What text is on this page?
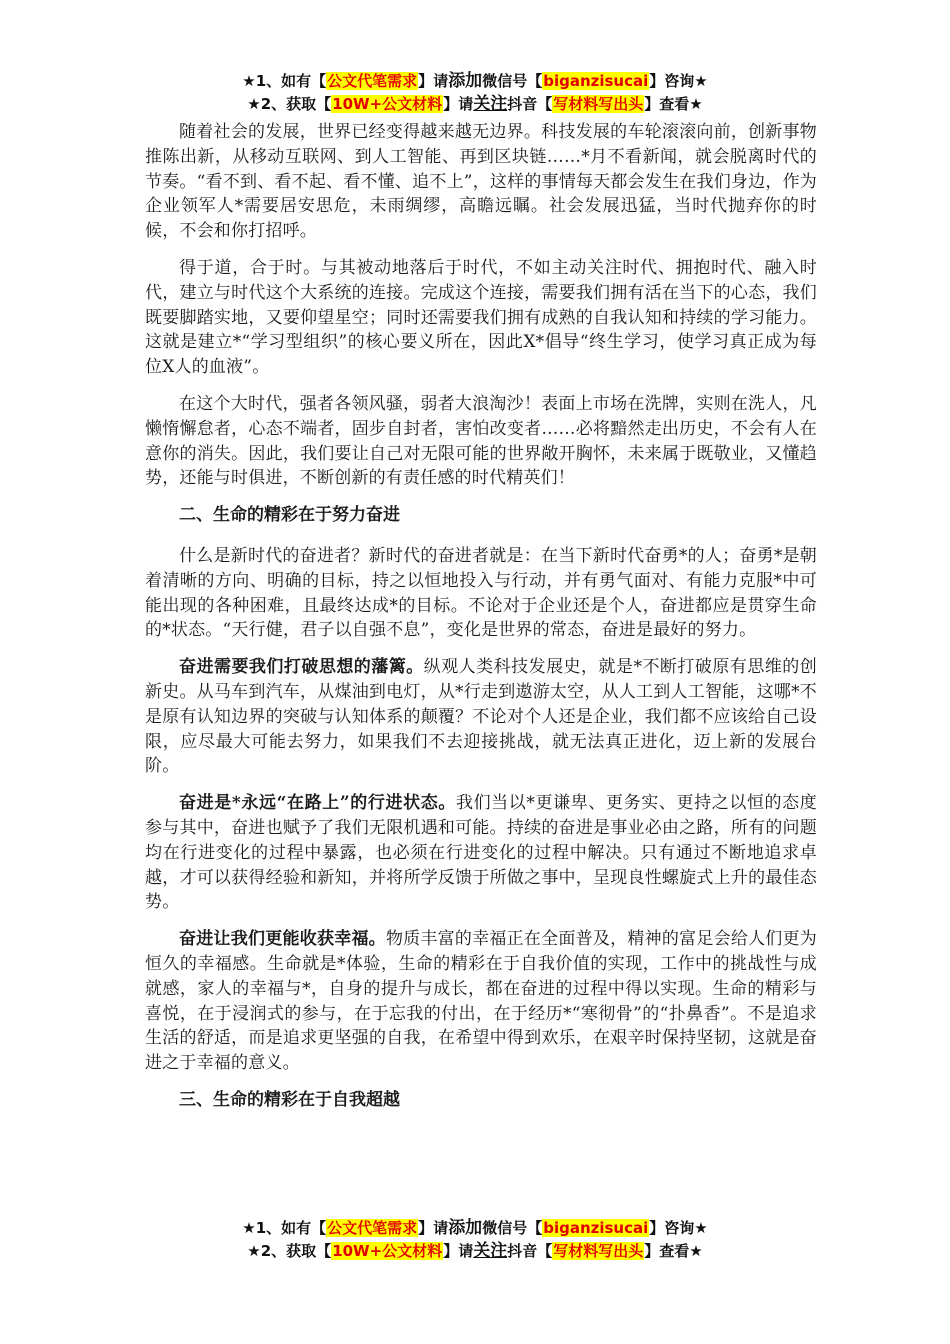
★1、如有【公文代笔需求】请添加微信号【biganzisucai】咨询★
★2、获取【10W+公文材料】请关注抖音【写材料写出头】查看★

随着社会的发展，世界已经变得越来越无边界。科技发展的车轮滚滚向前，创新事物推陈出新，从移动互联网、到人工智能、再到区块链……*月不看新闻，就会脱离时代的节奏。“看不到、看不起、看不懂、追不上”，这样的事情每天都会发生在我们身边，作为企业领军人*需要居安思危，未雨绸缪，高瞻远瞩。社会发展迅猛，当时代抛弃你的时候，不会和你打招呼。

得于道，合于时。与其被动地落后于时代，不如主动关注时代、拥抱时代、融入时代，建立与时代这个大系统的连接。完成这个连接，需要我们拥有活在当下的心态，我们既要脚踏实地，又要仰望星空；同时还需要我们拥有成熟的自我认知和持续的学习能力。这就是建立*“学习型组织”的核心要义所在，因此X*倡导“终生学习，使学习真正成为每位X人的血液”。

在这个大时代，强者各领风骚，弱者大浪淘沙！表面上市场在洗牌，实则在洗人，凡懒惰懈怠者，心态不端者，固步自封者，害怕改变者……必将黯然走出历史，不会有人在意你的消失。因此，我们要让自己对无限可能的世界敞开胸怀，未来属于既敬业，又懂趋势，还能与时俱进，不断创新的有责任感的时代精英们！

二、生命的精彩在于努力奋进

什么是新时代的奋进者？新时代的奋进者就是：在当下新时代奋勇*的人；奋勇*是朝着清晰的方向、明确的目标，持之以恒地投入与行动，并有勇气面对、有能力克服*中可能出现的各种困难，且最终达成*的目标。不论对于企业还是个人，奋进都应是贯穿生命的*状态。“天行健，君子以自强不息”，变化是世界的常态，奋进是最好的努力。

奋进需要我们打破思想的藩篱。纵观人类科技发展史，就是*不断打破原有思维的创新史。从马车到汽车，从煤油到电灯，从*行走到遨游太空，从人工到人工智能，这哪*不是原有认知边界的突破与认知体系的颠覆？不论对个人还是企业，我们都不应该给自己设限，应尽最大可能去努力，如果我们不去迎接挑战，就无法真正进化，迈上新的发展台阶。

奋进是*永远“在路上”的行进状态。我们当以*更谦卑、更务实、更持之以恒的态度参与其中，奋进也赋予了我们无限机遇和可能。持续的奋进是事业必由之路，所有的问题均在行进变化的过程中暴露，也必须在行进变化的过程中解决。只有通过不断地追求卓越，才可以获得经验和新知，并将所学反馈于所做之事中，呈现良性螺旋式上升的最佳态势。

奋进让我们更能收获幸福。物质丰富的幸福正在全面普及，精神的富足会给人们更为恒久的幸福感。生命就是*体验，生命的精彩在于自我价值的实现，工作中的挑战性与成就感，家人的幸福与*，自身的提升与成长，都在奋进的过程中得以实现。生命的精彩与喜悦，在于浸润式的参与，在于忘我的付出，在于经历*“寒彻骨”的“扑鼻香”。不是追求生活的舒适，而是追求更坚强的自我，在希望中得到欢乐，在艰辛时保持坚韧，这就是奋进之于幸福的意义。

三、生命的精彩在于自我超越
★1、如有【公文代笔需求】请添加微信号【biganzisucai】咨询★
★2、获取【10W+公文材料】请关注抖音【写材料写出头】查看★
